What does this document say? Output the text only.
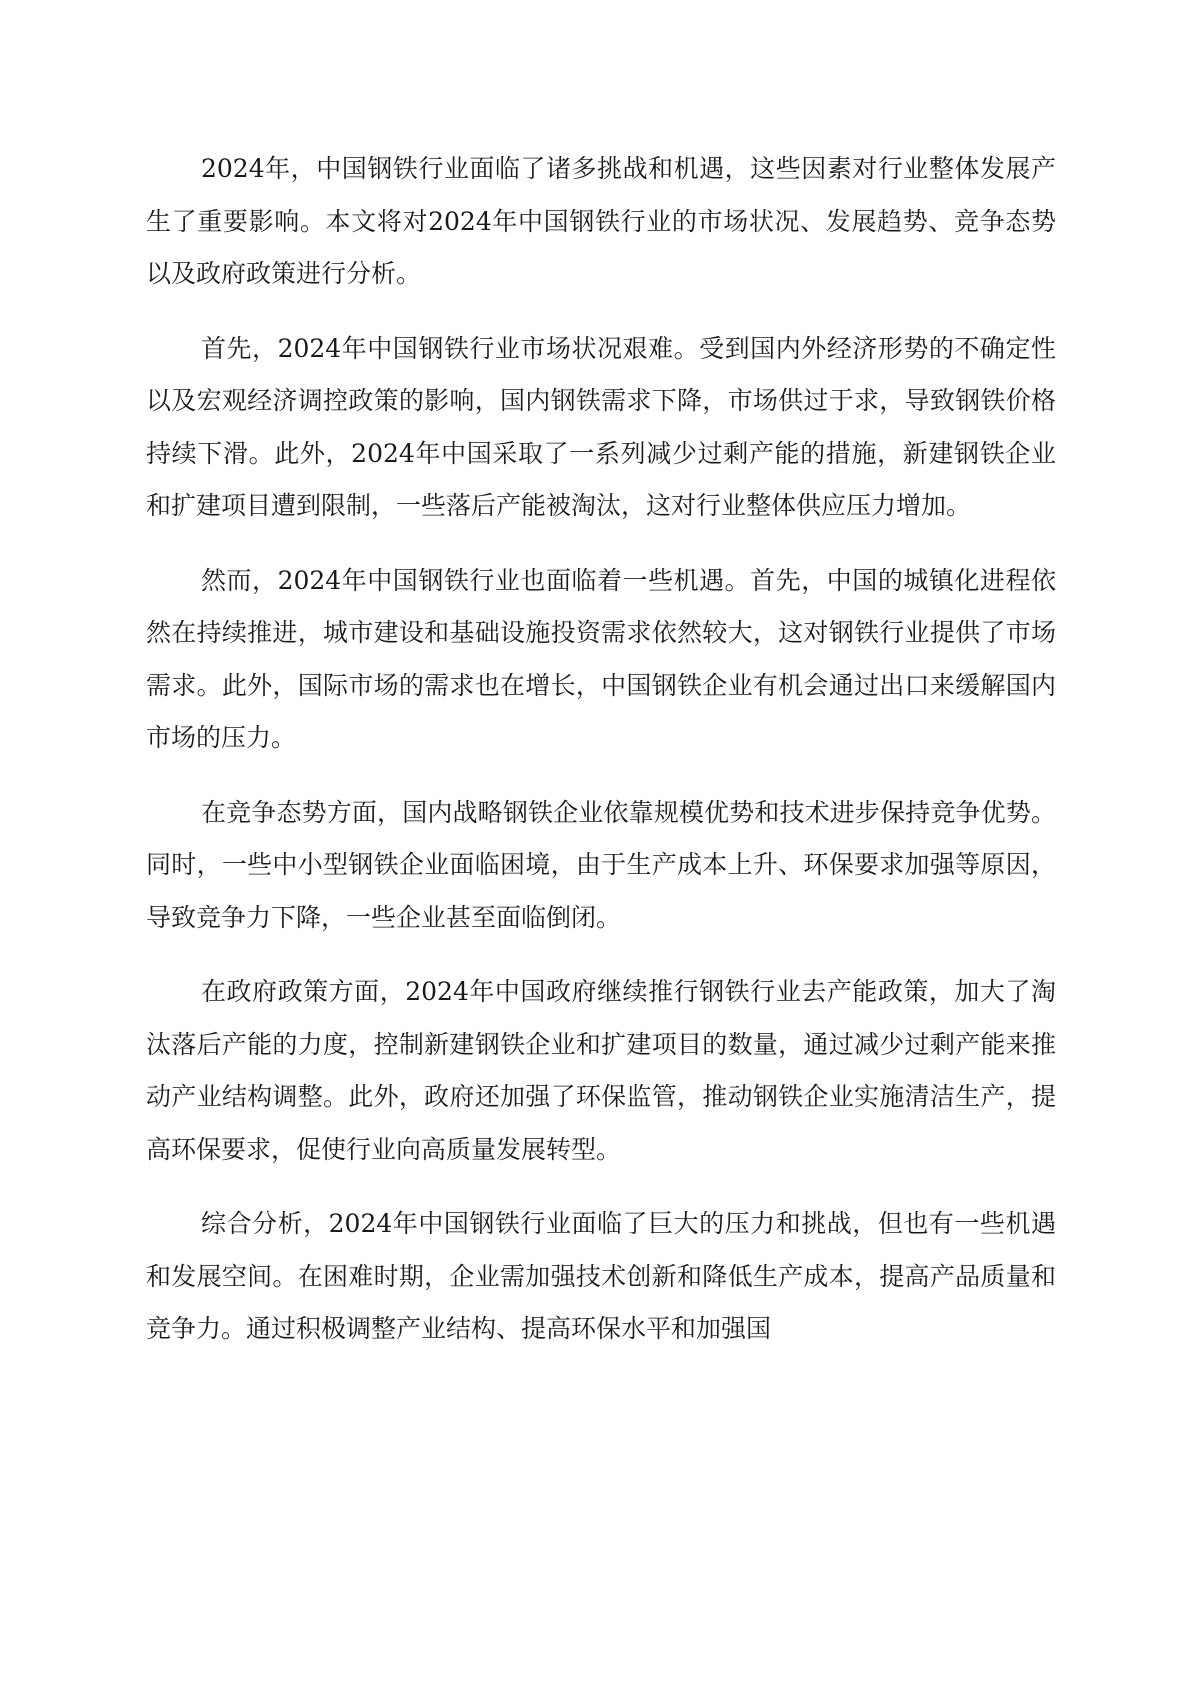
2024年，中国钢铁行业面临了诸多挑战和机遇，这些因素对行业整体发展产生了重要影响。本文将对2024年中国钢铁行业的市场状况、发展趋势、竞争态势以及政府政策进行分析。

首先，2024年中国钢铁行业市场状况艰难。受到国内外经济形势的不确定性以及宏观经济调控政策的影响，国内钢铁需求下降，市场供过于求，导致钢铁价格持续下滑。此外，2024年中国采取了一系列减少过剩产能的措施，新建钢铁企业和扩建项目遭到限制，一些落后产能被淘汰，这对行业整体供应压力增加。

然而，2024年中国钢铁行业也面临着一些机遇。首先，中国的城镇化进程依然在持续推进，城市建设和基础设施投资需求依然较大，这对钢铁行业提供了市场需求。此外，国际市场的需求也在增长，中国钢铁企业有机会通过出口来缓解国内市场的压力。

在竞争态势方面，国内战略钢铁企业依靠规模优势和技术进步保持竞争优势。同时，一些中小型钢铁企业面临困境，由于生产成本上升、环保要求加强等原因，导致竞争力下降，一些企业甚至面临倒闭。

在政府政策方面，2024年中国政府继续推行钢铁行业去产能政策，加大了淘汰落后产能的力度，控制新建钢铁企业和扩建项目的数量，通过减少过剩产能来推动产业结构调整。此外，政府还加强了环保监管，推动钢铁企业实施清洁生产，提高环保要求，促使行业向高质量发展转型。

综合分析，2024年中国钢铁行业面临了巨大的压力和挑战，但也有一些机遇和发展空间。在困难时期，企业需加强技术创新和降低生产成本，提高产品质量和竞争力。通过积极调整产业结构、提高环保水平和加强国
